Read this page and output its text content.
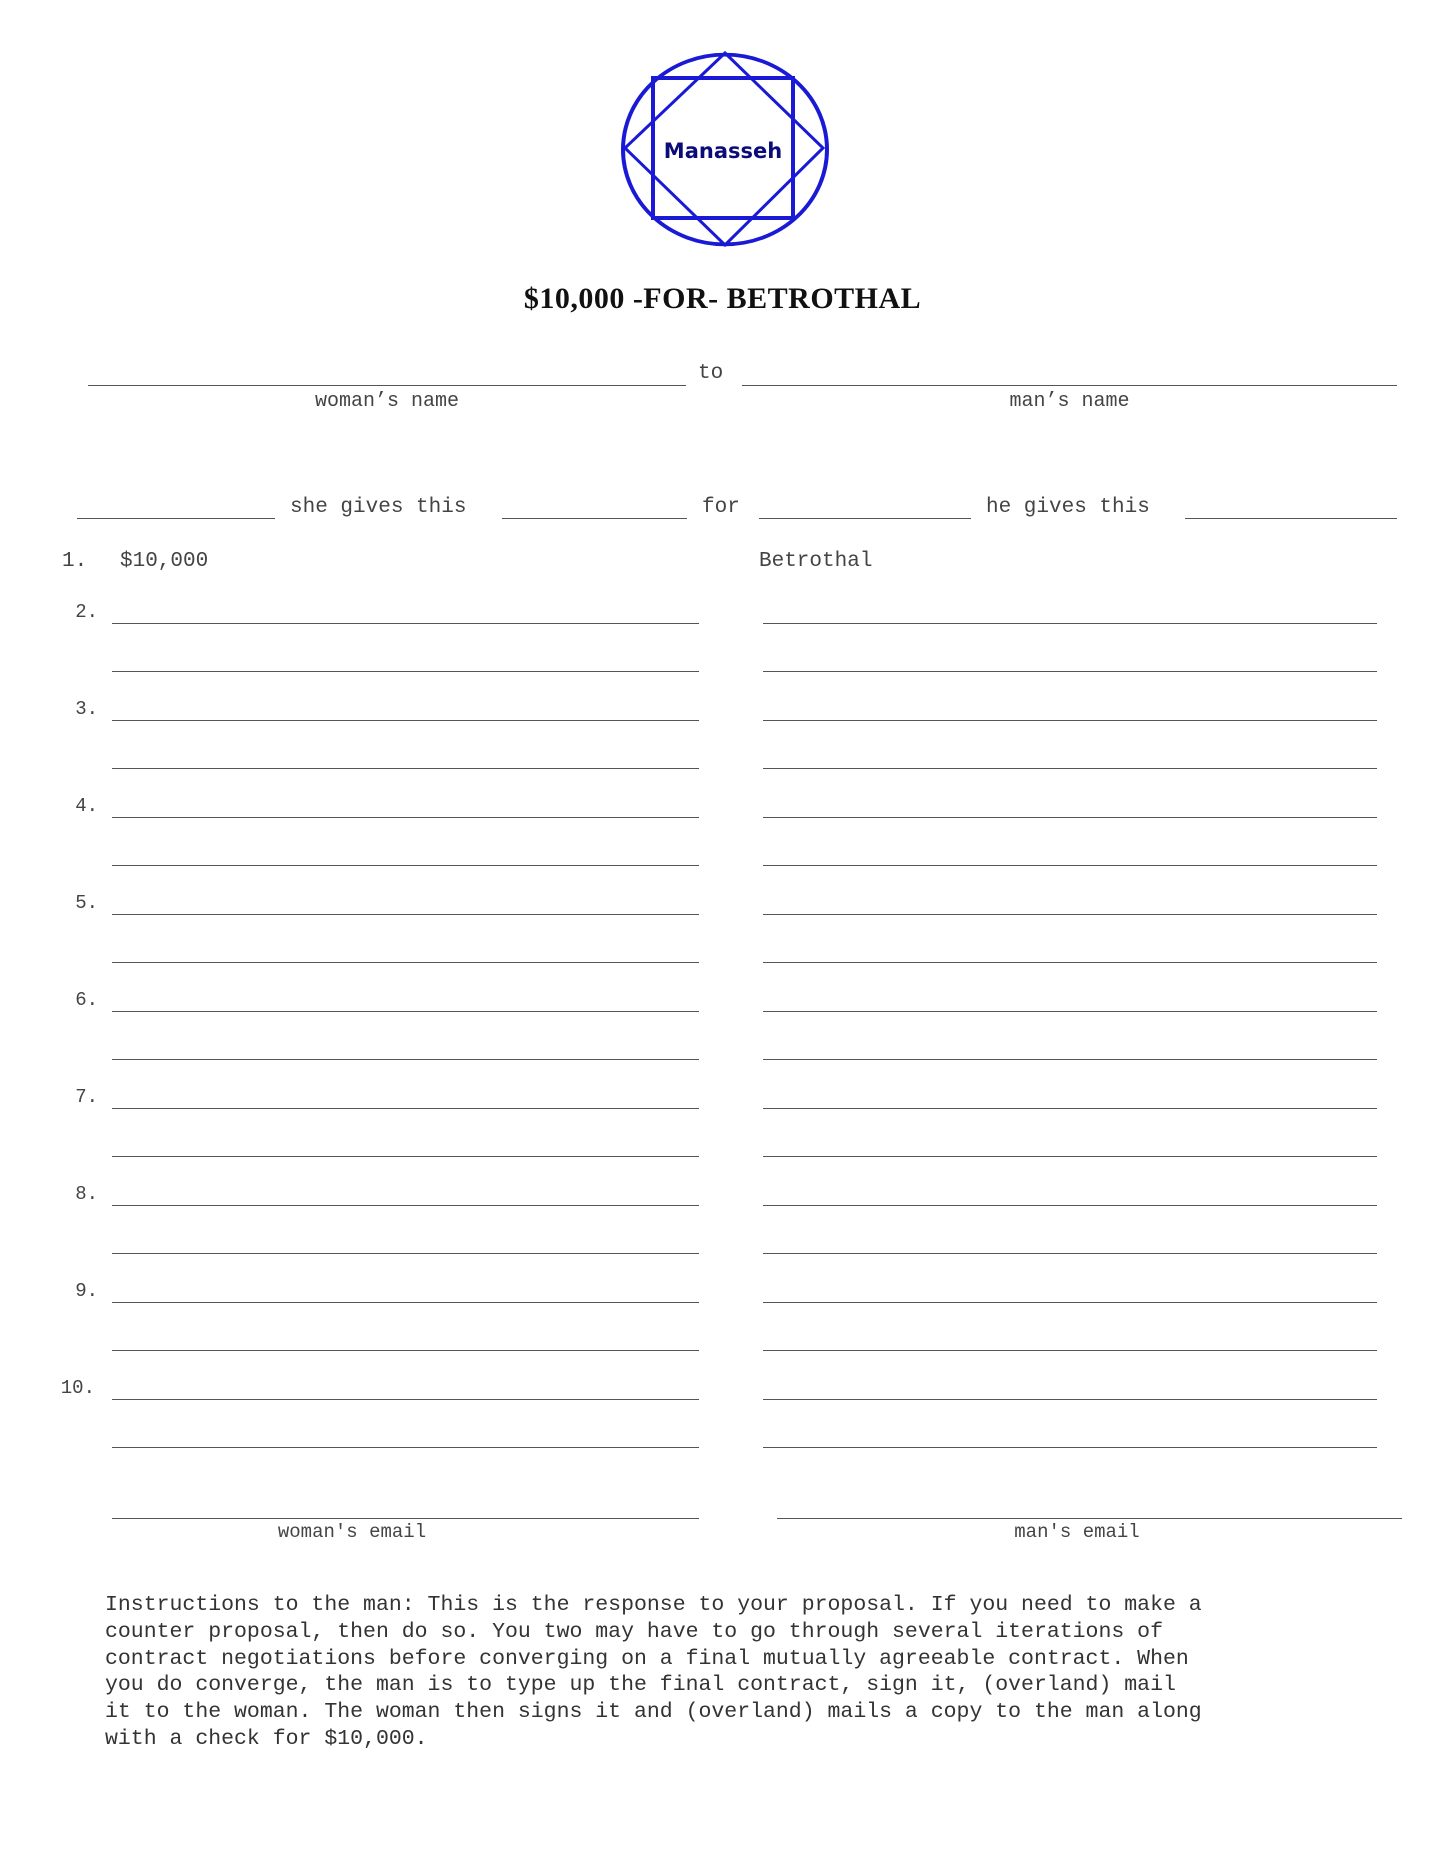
Manasseh
$10,000 -FOR- BETROTHAL
to
woman’s name	man’s name
she gives this	for	he gives this
1. $10,000	Betrothal
2.
3.
4.
5.
6.
7.
8.
9.
10.
woman's email	man's email
Instructions to the man: This is the response to your proposal. If you need to make a
counter proposal, then do so. You two may have to go through several iterations of
contract negotiations before converging on a final mutually agreeable contract. When
you do converge, the man is to type up the final contract, sign it, (overland) mail
it to the woman. The woman then signs it and (overland) mails a copy to the man along
with a check for $10,000.
